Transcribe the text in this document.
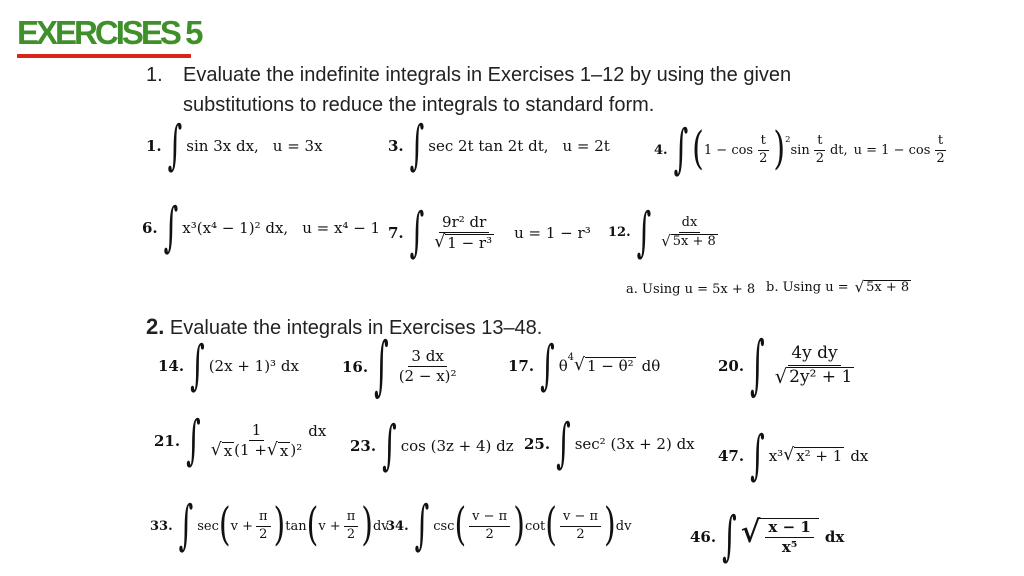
EXERCISES 5
1. Evaluate the indefinite integrals in Exercises 1–12 by using the given substitutions to reduce the integrals to standard form.
1. ∫ sin 3x dx, u = 3x	3. ∫ sec 2t tan 2t dt, u = 2t	4. ∫ ( $1 - \cos \frac{t}{2} )^2$
$\sin \frac{t}{2}$ dt, $u = 1 - \cos \frac{t}{2}$
6. ∫ x³(x⁴ − 1)² dx, u = x⁴ − 1 7. ∫ $\frac{\text{9r² dr}}{\text{√ 1 − r³}}$ u = 1 − r³ 12. ∫ $\frac{dx}{√ 5x + 8}$
a. Using u = 5x + 8 b. Using u = √ 5x + 8
2. Evaluate the integrals in Exercises 13–48.
14. ∫ (2x + 1)³ dx	16. ∫ $\frac{3 dx}{\text{(2 − x)²}}$	17. ∫ $\theta^4$ √ 1 − θ² dθ	20. ∫ $\frac{\text{4y dy}}{\text{√ 2y² + 1}}$
21. ∫ $\frac{1}{\text{√ x (1 + √ x )²}}$ dx
23. ∫ cos (3z + 4) dz 25. ∫ sec² (3x + 2) dx
47. ∫ x³ √ x² + 1 dx
33. ∫ sec ( $v + \frac{\pi}{2}$ ) tan ( $v + \frac{\pi}{2}$ ) dv
34. ∫ csc ( $\frac{v - \pi}{2}$ ) cot ( $\frac{v - \pi}{2}$ ) dv
46. ∫ √ $\frac{x - 1}{\text{x⁵}}$ dx
